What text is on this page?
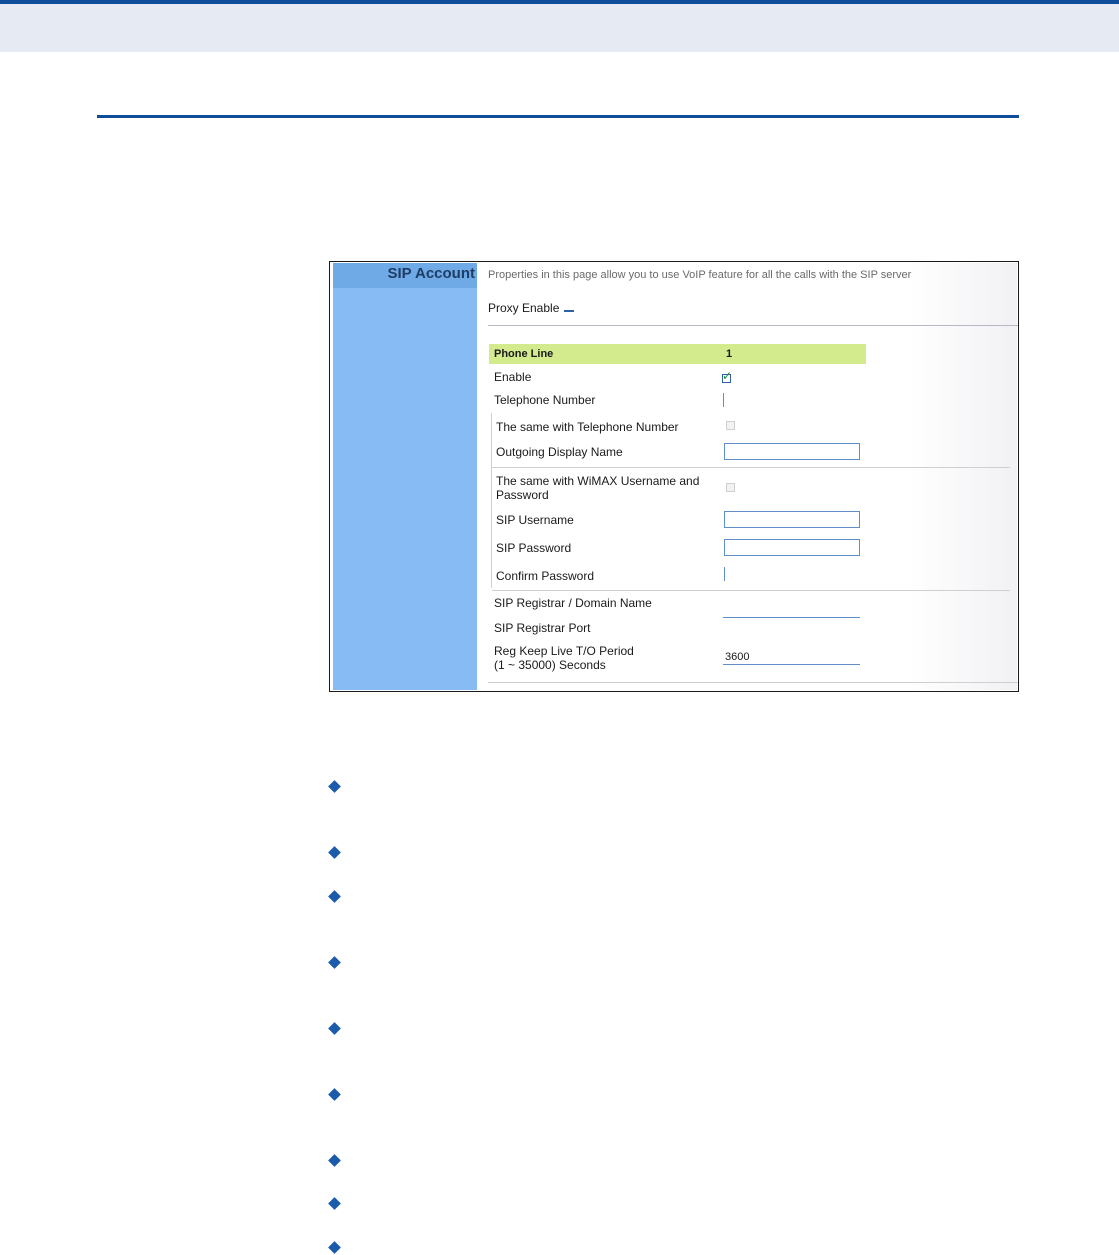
SIP Account Properties in this page allow you to use VoIP feature for all the calls with the SIP server
Proxy Enable
Phone Line	1
Enable
✓
Telephone Number
The same with Telephone Number
Outgoing Display Name
The same with WiMAX Username and
Password
SIP Username
SIP Password
Confirm Password
SIP Registrar / Domain Name
SIP Registrar Port
Reg Keep Live T/O Period
(1 ~ 35000) Seconds
3600
